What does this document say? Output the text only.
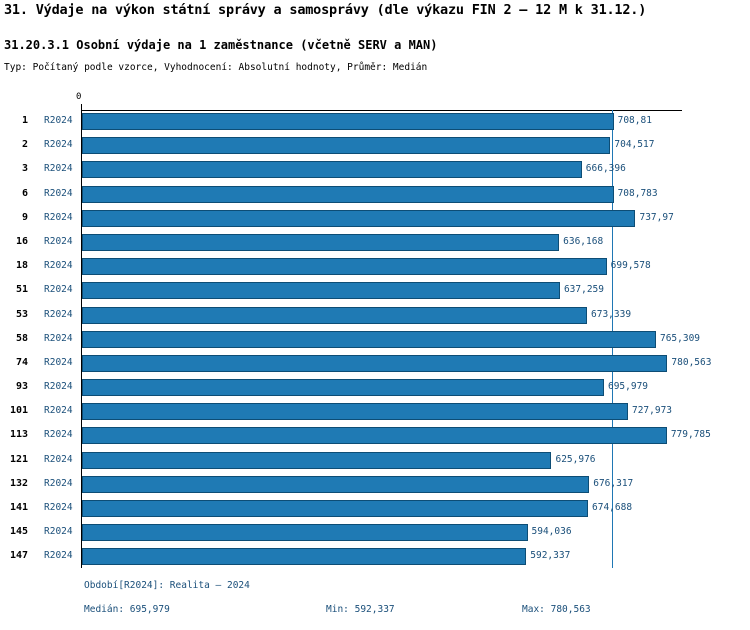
31. Výdaje na výkon státní správy a samosprávy (dle výkazu FIN 2 – 12 M k 31.12.)
31.20.3.1 Osobní výdaje na 1 zaměstnance (včetně SERV a MAN)
Typ: Počítaný podle vzorce, Vyhodnocení: Absolutní hodnoty, Průměr: Medián
0
1 R2024	708,81
2 R2024	704,517
3 R2024	666,396
6 R2024	708,783
9 R2024	737,97
16 R2024	636,168
18 R2024	699,578
51 R2024	637,259
53 R2024	673,339
58 R2024	765,309
74 R2024	780,563
93 R2024	695,979
101 R2024	727,973
113 R2024	779,785
121 R2024	625,976
132 R2024	676,317
141 R2024	674,688
145 R2024	594,036
147 R2024	592,337
Období[R2024]: Realita – 2024
Medián: 695,979	Min: 592,337	Max: 780,563
